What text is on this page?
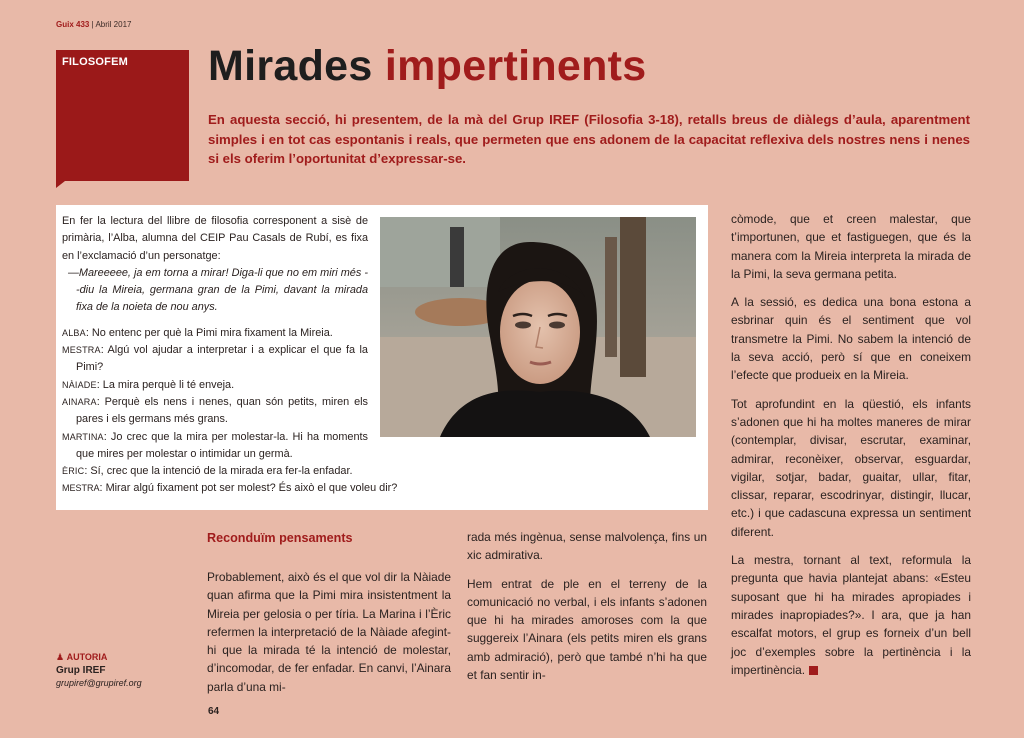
Guix 433 | Abril 2017
FILOSOFEM Mirades impertinents

En aquesta secció, hi presentem, de la mà del Grup IREF (Filosofia 3-18), retalls breus de diàlegs d’aula, aparentment simples i en tot cas espontanis i reals, que permeten que ens adonem de la capacitat reflexiva dels nostres nens i nenes si els oferim l’oportunitat d’expressar-se.

En fer la lectura del llibre de filosofia corresponent a sisè de primària, l’Alba, alumna del CEIP Pau Casals de Rubí, es fixa en l’exclamació d’un personatge:

—Mareeeee, ja em torna a mirar! Diga-li que no em miri més --diu la Mireia, germana gran de la Pimi, davant la mirada fixa de la noieta de nou anys.

ALBA: No entenc per què la Pimi mira fixament la Mireia.

MESTRA: Algú vol ajudar a interpretar i a explicar el que fa la Pimi?

NÀIADE: La mira perquè li té enveja.

AINARA: Perquè els nens i nenes, quan són petits, miren els pares i els germans més grans.

MARTINA: Jo crec que la mira per molestar-la. Hi ha moments que mires per molestar o intimidar un germà.

ÈRIC: Sí, crec que la intenció de la mirada era fer-la enfadar.

MESTRA: Mirar algú fixament pot ser molest? És això el que voleu dir?

Reconduïm pensaments

Probablement, això és el que vol dir la Nàiade quan afirma que la Pimi mira insistentment la Mireia per gelosia o per tíria. La Marina i l’Èric refermen la interpretació de la Nàiade afegint-hi que la mirada té la intenció de molestar, d’incomodar, de fer enfadar. En canvi, l’Ainara parla d’una mi-

rada més ingènua, sense malvolença, fins un xic admirativa.

Hem entrat de ple en el terreny de la comunicació no verbal, i els infants s’adonen que hi ha mirades amoroses com la que suggereix l’Ainara (els petits miren els grans amb admiració), però que també n’hi ha que et fan sentir in-

còmode, que et creen malestar, que t’importunen, que et fastiguegen, que és la manera com la Mireia interpreta la mirada de la Pimi, la seva germana petita.

A la sessió, es dedica una bona estona a esbrinar quin és el sentiment que vol transmetre la Pimi. No sabem la intenció de la seva acció, però sí que en coneixem l’efecte que produeix en la Mireia.

Tot aprofundint en la qüestió, els infants s’adonen que hi ha moltes maneres de mirar (contemplar, divisar, escrutar, examinar, admirar, reconèixer, observar, esguardar, vigilar, sotjar, badar, guaitar, ullar, fitar, clissar, reparar, escodrinyar, distingir, llucar, etc.) i que cadascuna expressa un sentiment diferent.

La mestra, tornant al text, reformula la pregunta que havia plantejat abans: «Esteu suposant que hi ha mirades apropiades i mirades inapropiades?». I ara, que ja han escalfat motors, el grup es forneix d’un bell joc d’exemples sobre la pertinència i la impertinència.

♟ AUTORIA
Grup IREF
grupiref@grupiref.org
64
